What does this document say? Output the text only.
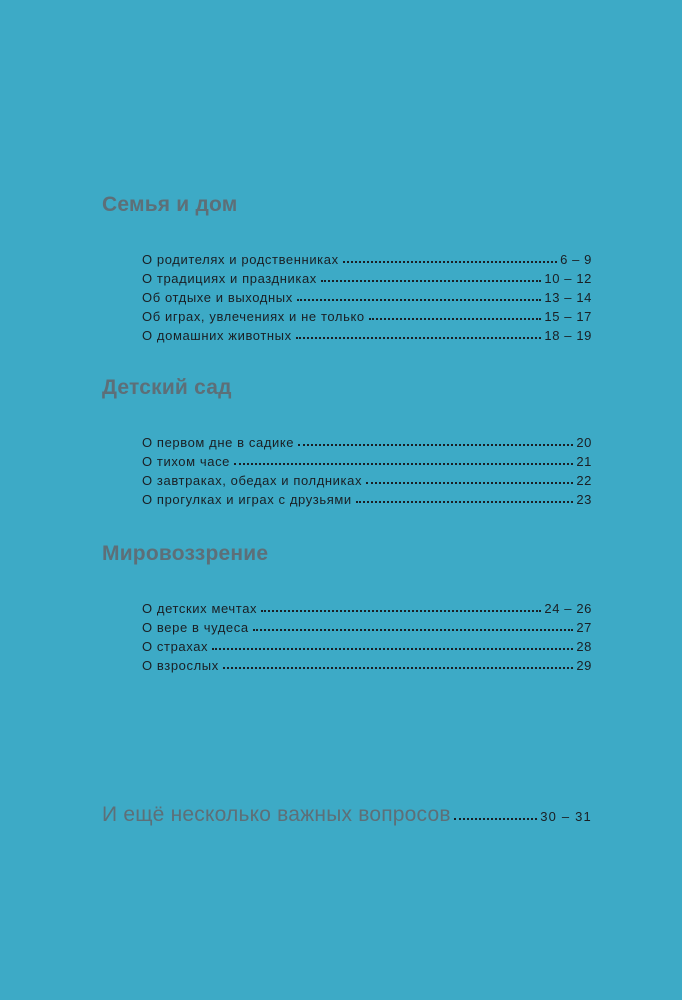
Семья и дом
О родителях и родственниках	6 – 9
О традициях и праздниках	10 – 12
Об отдыхе и выходных	13 – 14
Об играх, увлечениях и не только	15 – 17
О домашних животных	18 – 19
Детский сад
О первом дне в садике	20
О тихом часе	21
О завтраках, обедах и полдниках	22
О прогулках и играх с друзьями	23
Мировоззрение
О детских мечтах	24 – 26
О вере в чудеса	27
О страхах	28
О взрослых	29
И ещё несколько важных вопросов	30 – 31
